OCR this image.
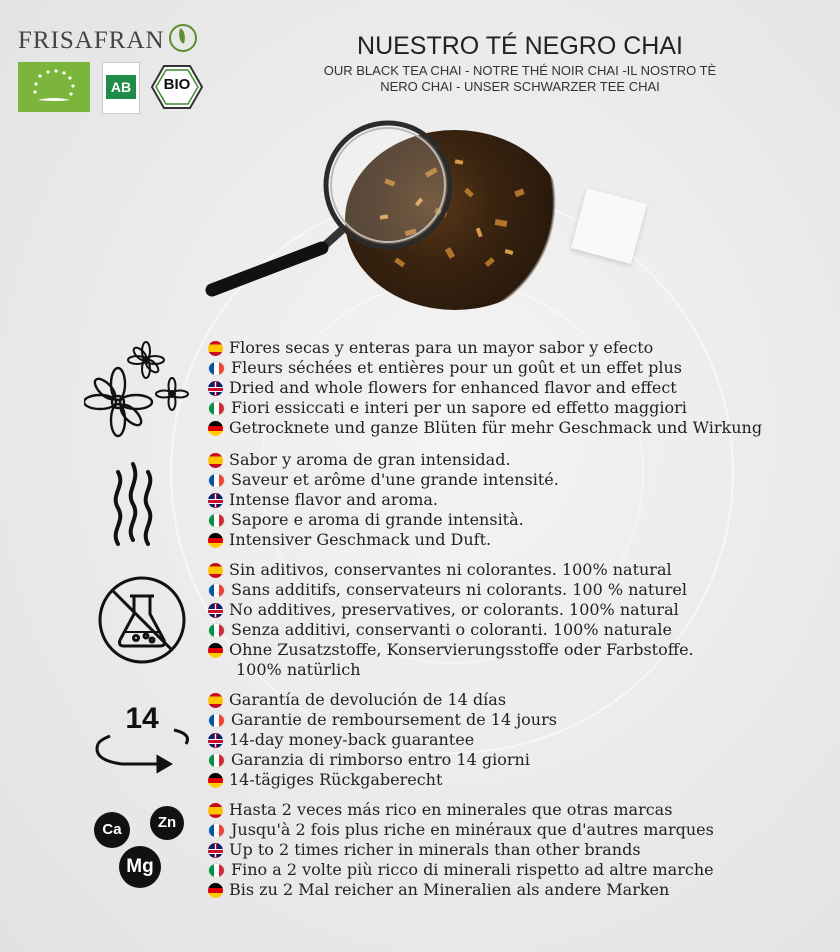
FRISAFRAN
AB	BIO
NUESTRO TÉ NEGRO CHAI
OUR BLACK TEA CHAI - NOTRE THÉ NOIR CHAI -IL NOSTRO TÈ
NERO CHAI - UNSER SCHWARZER TEE CHAI
Flores secas y enteras para un mayor sabor y efecto
Fleurs séchées et entières pour un goût et un effet plus
Dried and whole flowers for enhanced flavor and effect
Fiori essiccati e interi per un sapore ed effetto maggiori
Getrocknete und ganze Blüten für mehr Geschmack und Wirkung
Sabor y aroma de gran intensidad.
Saveur et arôme d'une grande intensité.
Intense flavor and aroma.
Sapore e aroma di grande intensità.
Intensiver Geschmack und Duft.
Sin aditivos, conservantes ni colorantes. 100% natural
Sans additifs, conservateurs ni colorants. 100 % naturel
No additives, preservatives, or colorants. 100% natural
Senza additivi, conservanti o coloranti. 100% naturale
Ohne Zusatzstoffe, Konservierungsstoffe oder Farbstoffe.
100% natürlich
14
Garantía de devolución de 14 días
Garantie de remboursement de 14 jours
14-day money-back guarantee
Garanzia di rimborso entro 14 giorni
14-tägiges Rückgaberecht
Ca	Zn
Mg
Hasta 2 veces más rico en minerales que otras marcas
Jusqu'à 2 fois plus riche en minéraux que d'autres marques
Up to 2 times richer in minerals than other brands
Fino a 2 volte più ricco di minerali rispetto ad altre marche
Bis zu 2 Mal reicher an Mineralien als andere Marken
